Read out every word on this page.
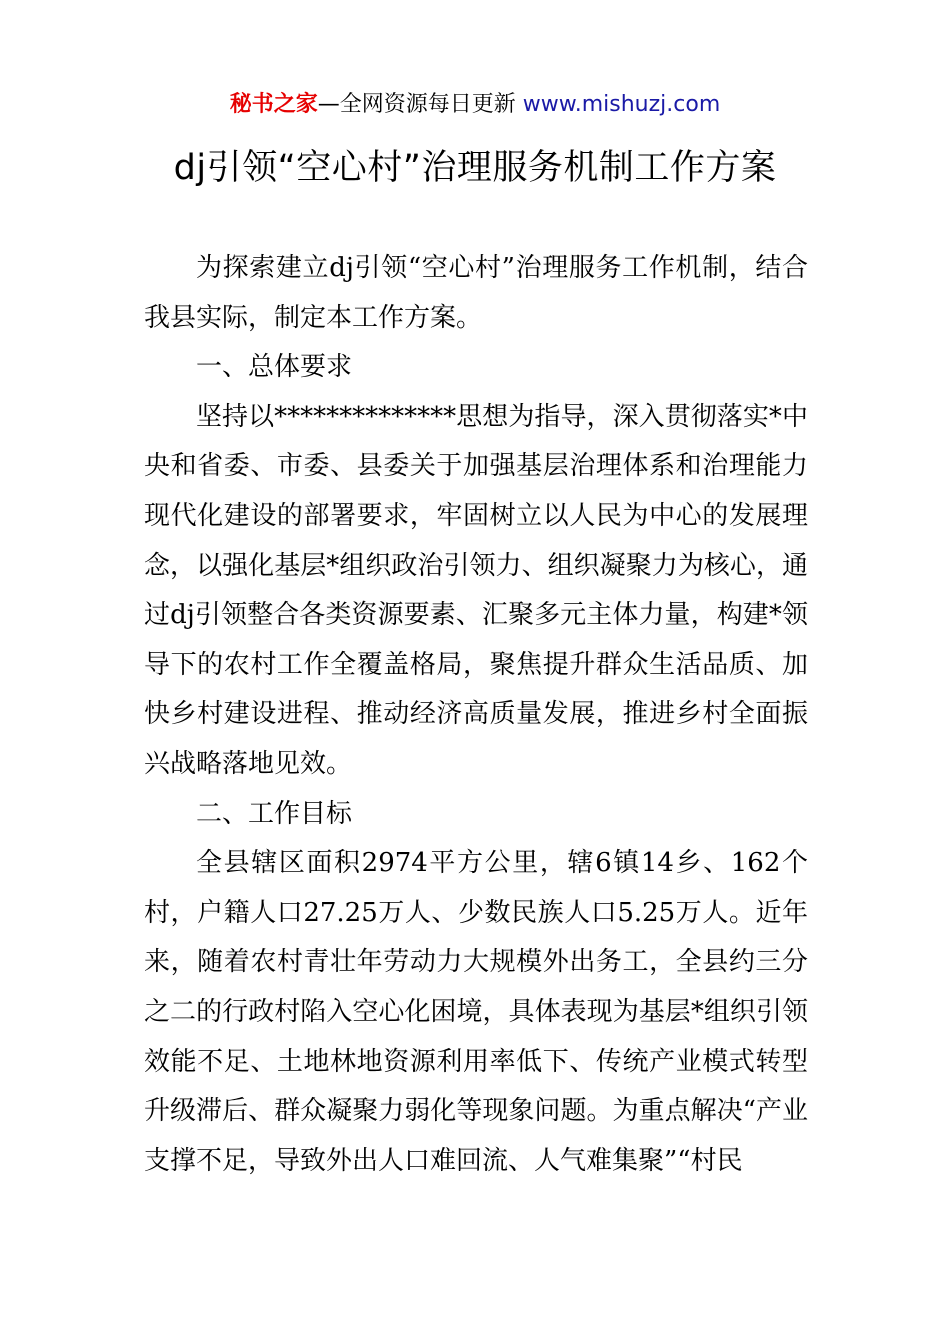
秘书之家—全网资源每日更新 www.mishuzj.com
dj引领“空心村”治理服务机制工作方案

为探索建立dj引领“空心村”治理服务工作机制，结合我县实际，制定本工作方案。

一、总体要求

坚持以**************思想为指导，深入贯彻落实*中央和省委、市委、县委关于加强基层治理体系和治理能力现代化建设的部署要求，牢固树立以人民为中心的发展理念，以强化基层*组织政治引领力、组织凝聚力为核心，通过dj引领整合各类资源要素、汇聚多元主体力量，构建*领导下的农村工作全覆盖格局，聚焦提升群众生活品质、加快乡村建设进程、推动经济高质量发展，推进乡村全面振兴战略落地见效。

二、工作目标

全县辖区面积2974平方公里，辖6镇14乡、162个村，户籍人口27.25万人、少数民族人口5.25万人。近年来，随着农村青壮年劳动力大规模外出务工，全县约三分之二的行政村陷入空心化困境，具体表现为基层*组织引领效能不足、土地林地资源利用率低下、传统产业模式转型升级滞后、群众凝聚力弱化等现象问题。为重点解决“产业支撑不足，导致外出人口难回流、人气难集聚”“村民
